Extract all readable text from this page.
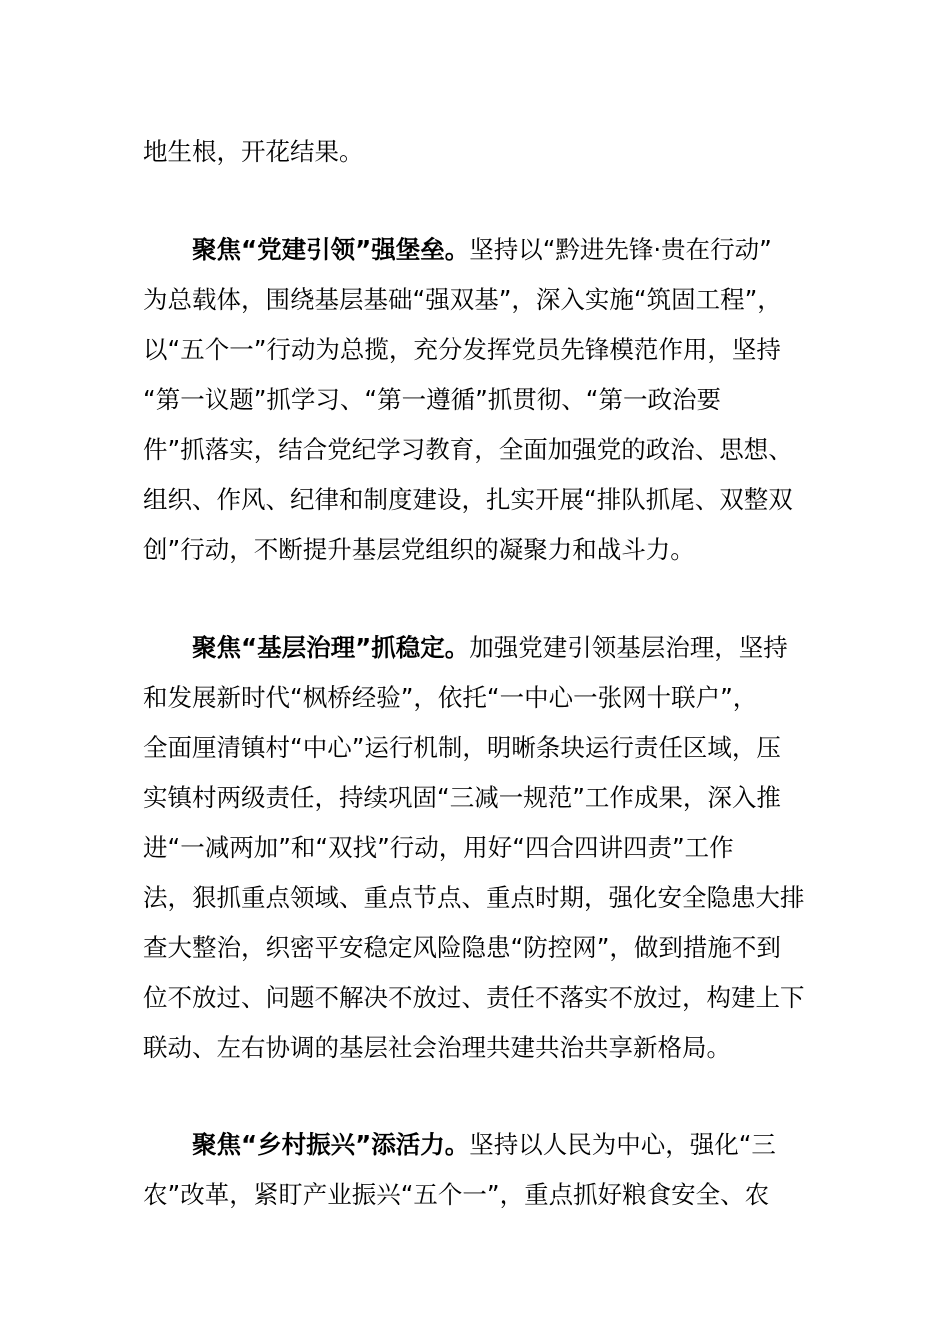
地生根，开花结果。
聚焦“党建引领”强堡垒。坚持以“黔进先锋·贵在行动”
为总载体，围绕基层基础“强双基”，深入实施“筑固工程”，
以“五个一”行动为总揽，充分发挥党员先锋模范作用，坚持
“第一议题”抓学习、“第一遵循”抓贯彻、“第一政治要
件”抓落实，结合党纪学习教育，全面加强党的政治、思想、
组织、作风、纪律和制度建设，扎实开展“排队抓尾、双整双
创”行动，不断提升基层党组织的凝聚力和战斗力。
聚焦“基层治理”抓稳定。加强党建引领基层治理，坚持
和发展新时代“枫桥经验”，依托“一中心一张网十联户”，
全面厘清镇村“中心”运行机制，明晰条块运行责任区域，压
实镇村两级责任，持续巩固“三减一规范”工作成果，深入推
进“一减两加”和“双找”行动，用好“四合四讲四责”工作
法，狠抓重点领域、重点节点、重点时期，强化安全隐患大排
查大整治，织密平安稳定风险隐患“防控网”，做到措施不到
位不放过、问题不解决不放过、责任不落实不放过，构建上下
联动、左右协调的基层社会治理共建共治共享新格局。
聚焦“乡村振兴”添活力。坚持以人民为中心，强化“三
农”改革，紧盯产业振兴“五个一”，重点抓好粮食安全、农
